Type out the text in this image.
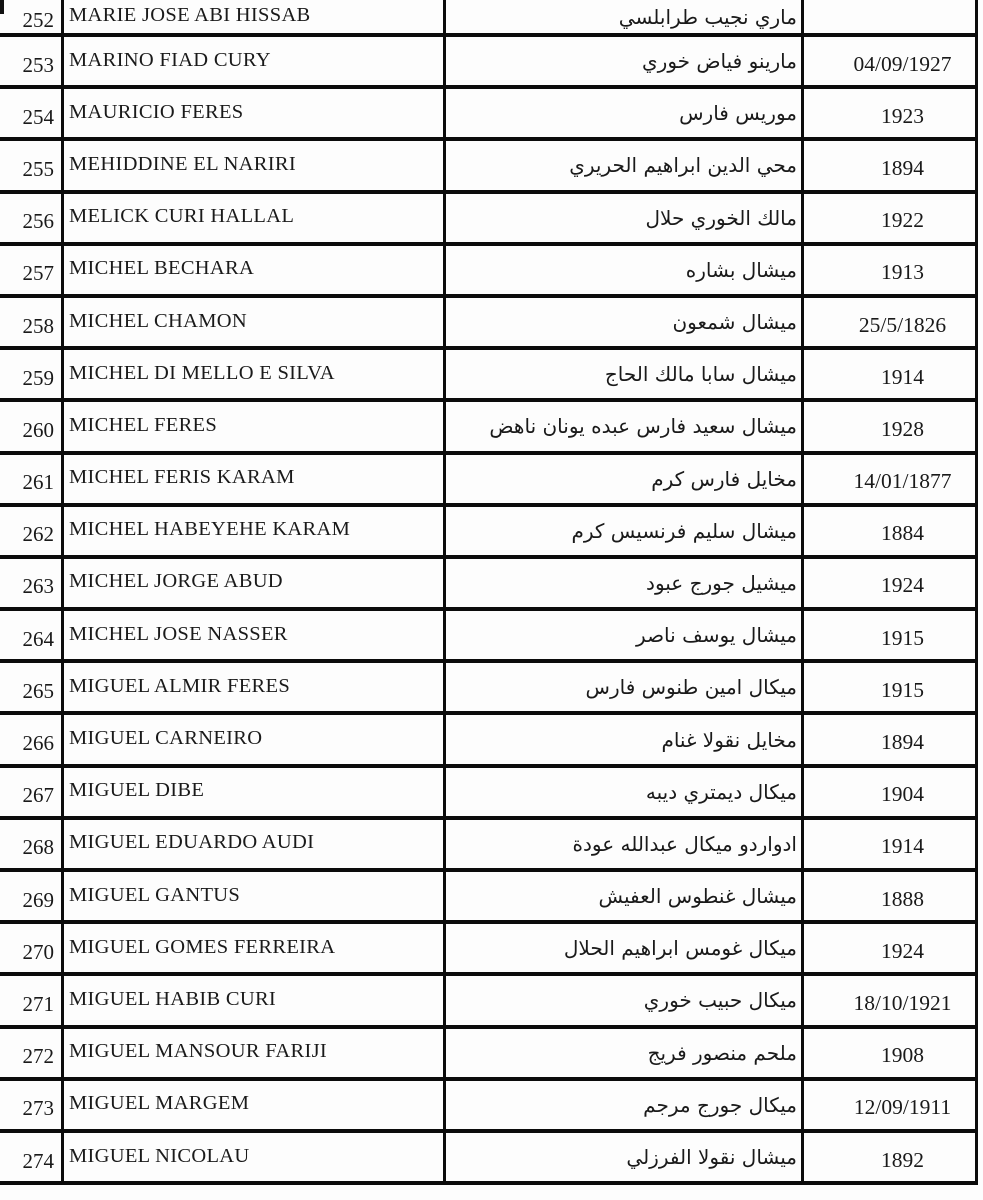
252 MARIE JOSE ABI HISSAB	ماري نجيب طرابلسي
253 MARINO FIAD CURY	مارينو فياض خوري	04/09/1927
254 MAURICIO FERES	موريس فارس	1923
255 MEHIDDINE EL NARIRI	محي الدين ابراهيم الحريري	1894
256 MELICK CURI HALLAL	مالك الخوري حلال	1922
257 MICHEL BECHARA	ميشال بشاره	1913
258 MICHEL CHAMON	ميشال شمعون	25/5/1826
259 MICHEL DI MELLO E SILVA	ميشال سابا مالك الحاج	1914
260 MICHEL FERES	ميشال سعيد فارس عبده يونان ناهض	1928
261 MICHEL FERIS KARAM	مخايل فارس كرم	14/01/1877
262 MICHEL HABEYEHE KARAM	ميشال سليم فرنسيس كرم	1884
263 MICHEL JORGE ABUD	ميشيل جورج عبود	1924
264 MICHEL JOSE NASSER	ميشال يوسف ناصر	1915
265 MIGUEL ALMIR FERES	ميكال امين طنوس فارس	1915
266 MIGUEL CARNEIRO	مخايل نقولا غنام	1894
267 MIGUEL DIBE	ميكال ديمتري ديبه	1904
268 MIGUEL EDUARDO AUDI	ادواردو ميكال عبدالله عودة	1914
269 MIGUEL GANTUS	ميشال غنطوس العفيش	1888
270 MIGUEL GOMES FERREIRA	ميكال غومس ابراهيم الحلال	1924
271 MIGUEL HABIB CURI	ميكال حبيب خوري	18/10/1921
272 MIGUEL MANSOUR FARIJI	ملحم منصور فريج	1908
273 MIGUEL MARGEM	ميكال جورج مرجم	12/09/1911
274 MIGUEL NICOLAU	ميشال نقولا الفرزلي	1892
